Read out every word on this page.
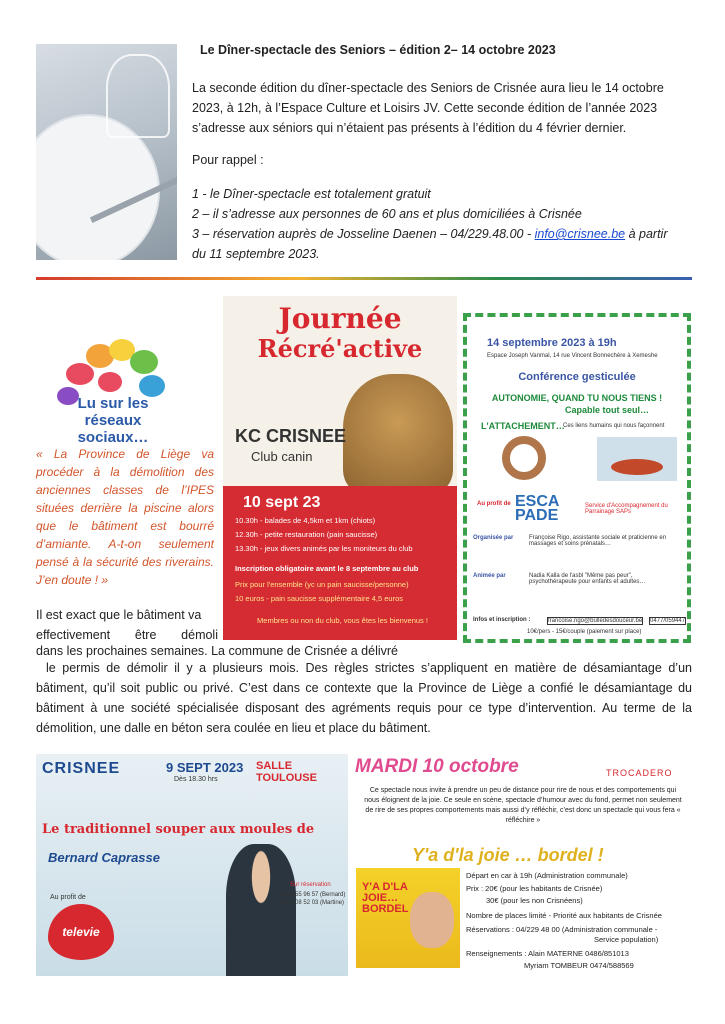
Le Dîner-spectacle des Seniors – édition 2– 14 octobre 2023
La seconde édition du dîner-spectacle des Seniors de Crisnée aura lieu le 14 octobre
2023, à 12h, à l’Espace Culture et Loisirs JV. Cette seconde édition de l’année 2023
s’adresse aux séniors qui n’étaient pas présents à l’édition du 4 février dernier.
Pour rappel :
1 - le Dîner-spectacle est totalement gratuit
2 – il s’adresse aux personnes de 60 ans et plus domiciliées à Crisnée
3 – réservation auprès de Josseline Daenen – 04/229.48.00 - info@crisnee.be à partir
du 11 septembre 2023.
Lu sur les réseaux
sociaux…
« La Province de Liège va procéder à la démolition des anciennes classes de l’IPES situées derrière la piscine alors que le bâtiment est bourré d’amiante. A-t-on seulement pensé à la sécurité des riverains. J’en doute ! »
Journée
Récré'active
KC CRISNEE
Club canin
10 sept 23
10.30h - balades de 4,5km et 1km (chiots)
12.30h - petite restauration (pain saucisse)
13.30h - jeux divers animés par les moniteurs du club
Inscription obligatoire avant le 8 septembre au club
Prix pour l'ensemble (yc un pain saucisse/personne)
10 euros - pain saucisse supplémentaire 4,5 euros
Membres ou non du club, vous êtes les bienvenus !
14 septembre 2023 à 19h
Espace Joseph Vanmal, 14 rue Vincent Bonnechère à Xemeshe
Conférence gesticulée
AUTONOMIE, QUAND TU NOUS TIENS !
Capable tout seul…
L'ATTACHEMENT…
Ces liens humains qui nous façonnent
Au profit de ESCA
PADE
Service d'Accompagnement du Parrainage SAPs
Organisée par	Françoise Rigo, assistante sociale et praticienne en massages et soins prénatals…
Animée par	Nadia Kalla de l'asbl "Même pas peur", psychothérapeute pour enfants et adultes…
Infos et inscription :	francoise.rigo@bulledesdouceur.be 0477/059447
10€/pers - 15€/couple (paiement sur place)
Il est exact que le bâtiment va
effectivement être démoli
dans les prochaines semaines. La commune de Crisnée a délivré
le permis de démolir il y a plusieurs mois. Des règles strictes s’appliquent en matière de désamiantage d’un bâtiment, qu’il soit public ou privé. C’est dans ce contexte que la Province de Liège a confié le désamiantage du bâtiment à une société spécialisée disposant des agréments requis pour ce type d’intervention. Au terme de la démolition, une dalle en béton sera coulée en lieu et place du bâtiment.
CRISNEE	9 SEPT 2023 SALLE TOULOUSE
Dès 18.30 hrs
Le traditionnel souper aux moules de
Bernard Caprasse
Au profit de
televie
Sur réservation
0492 55 96 57 (Bernard)
0497 08 52 03 (Martine)
MARDI 10 octobre	TROCADERO
Ce spectacle nous invite à prendre un peu de distance pour rire de nous et des comportements qui nous éloignent de la joie. Ce seule en scène, spectacle d’humour avec du fond, permet non seulement de rire de ses propres comportements mais aussi d’y réfléchir, c’est donc un spectacle qui vous fera « réfléchire »
Y'a d'la joie … bordel !
Y'A D'LA JOIE… BORDEL
Départ en car à 19h (Administration communale)
Prix : 20€ (pour les habitants de Crisnée)
30€ (pour les non Crisnéens)
Nombre de places limité - Priorité aux habitants de Crisnée
Réservations : 04/229 48 00 (Administration communale -
Service population)
Renseignements : Alain MATERNE 0486/851013
Myriam TOMBEUR 0474/588569
